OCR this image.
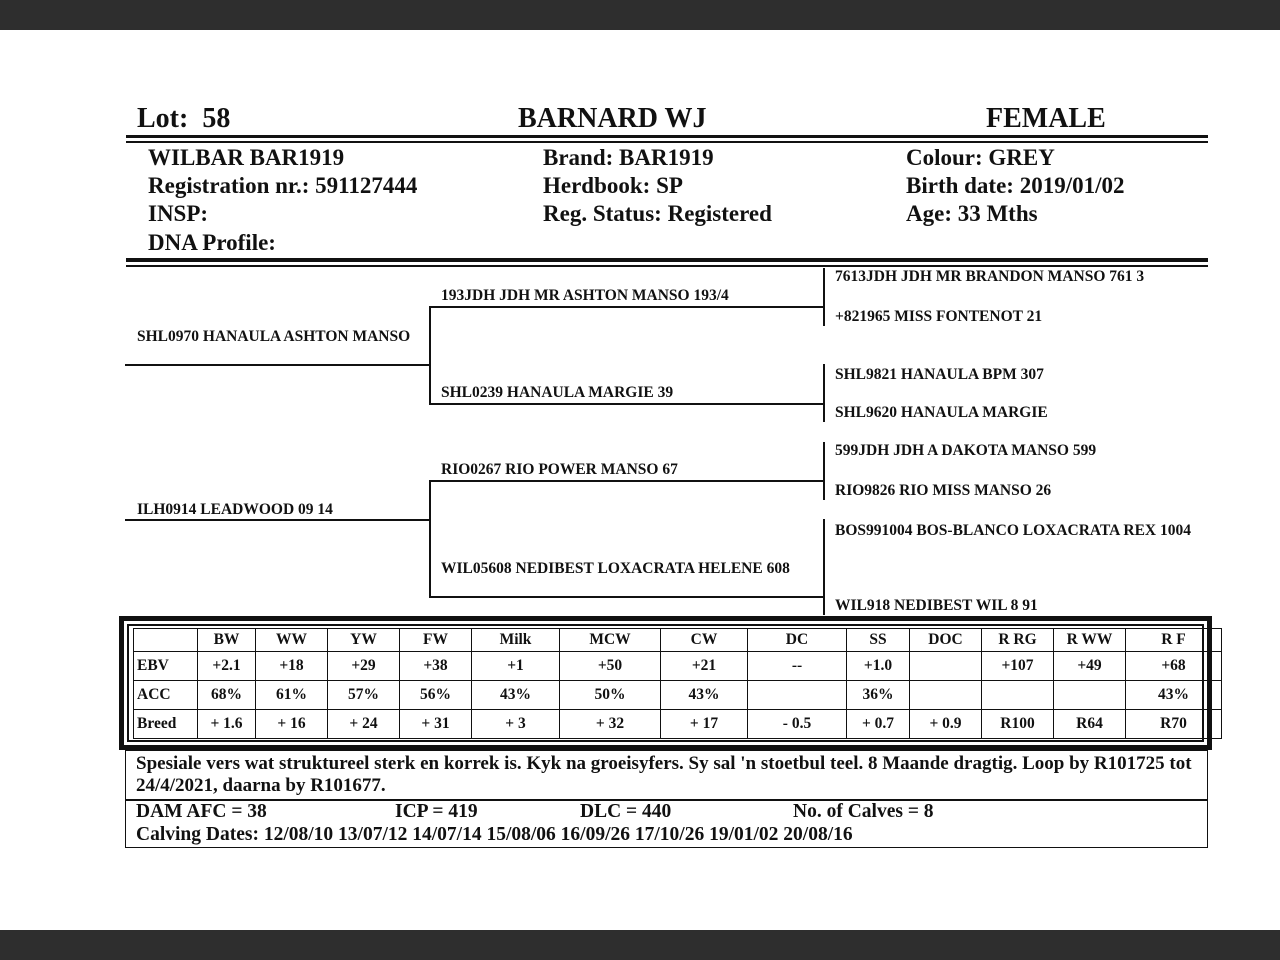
Lot: 58	BARNARD WJ	FEMALE
WILBAR BAR1919
Registration nr.: 591127444
INSP:
DNA Profile:
Brand: BAR1919
Herdbook: SP
Reg. Status: Registered
Colour: GREY
Birth date: 2019/01/02
Age: 33 Mths
SHL0970 HANAULA ASHTON MANSO
193JDH JDH MR ASHTON MANSO 193/4
7613JDH JDH MR BRANDON MANSO 761 3
+821965 MISS FONTENOT 21
SHL0239 HANAULA MARGIE 39
SHL9821 HANAULA BPM 307
SHL9620 HANAULA MARGIE
ILH0914 LEADWOOD 09 14
RIO0267 RIO POWER MANSO 67
599JDH JDH A DAKOTA MANSO 599
RIO9826 RIO MISS MANSO 26
WIL05608 NEDIBEST LOXACRATA HELENE 608
BOS991004 BOS-BLANCO LOXACRATA REX 1004
WIL918 NEDIBEST WIL 8 91
	BW	WW	YW	FW	Milk	MCW	CW	DC	SS	DOC	R RG	R WW	R F
EBV	+2.1	+18	+29	+38	+1	+50	+21	--	+1.0		+107	+49	+68
ACC	68%	61%	57%	56%	43%	50%	43%		36%				43%
Breed	+ 1.6	+ 16	+ 24	+ 31	+ 3	+ 32	+ 17	- 0.5	+ 0.7	+ 0.9	R100	R64	R70
Spesiale vers wat struktureel sterk en korrek is. Kyk na groeisyfers. Sy sal 'n stoetbul teel. 8 Maande dragtig. Loop by R101725 tot 24/4/2021, daarna by R101677.
DAM AFC = 38	ICP = 419	DLC = 440	No. of Calves = 8
Calving Dates: 12/08/10 13/07/12 14/07/14 15/08/06 16/09/26 17/10/26 19/01/02 20/08/16
